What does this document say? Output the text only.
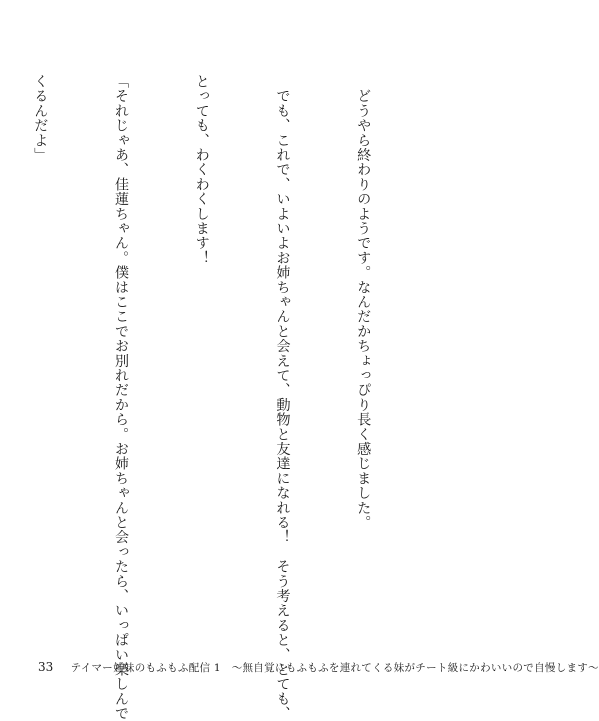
　どうやら終わりのようです。なんだかちょっぴり長く感じました。

　でも、これで、いよいよお姉ちゃんと会えて、動物と友達になれる！　そう考えると、とても、

とっても、わくわくします！

「それじゃあ、佳蓮ちゃん。僕はここでお別れだから。お姉ちゃんと会ったら、いっぱい楽しんで

くるんだよ」

33 テイマー姉妹のもふもふ配信 1　～無自覚にもふもふを連れてくる妹がチート級にかわいいので自慢します～
